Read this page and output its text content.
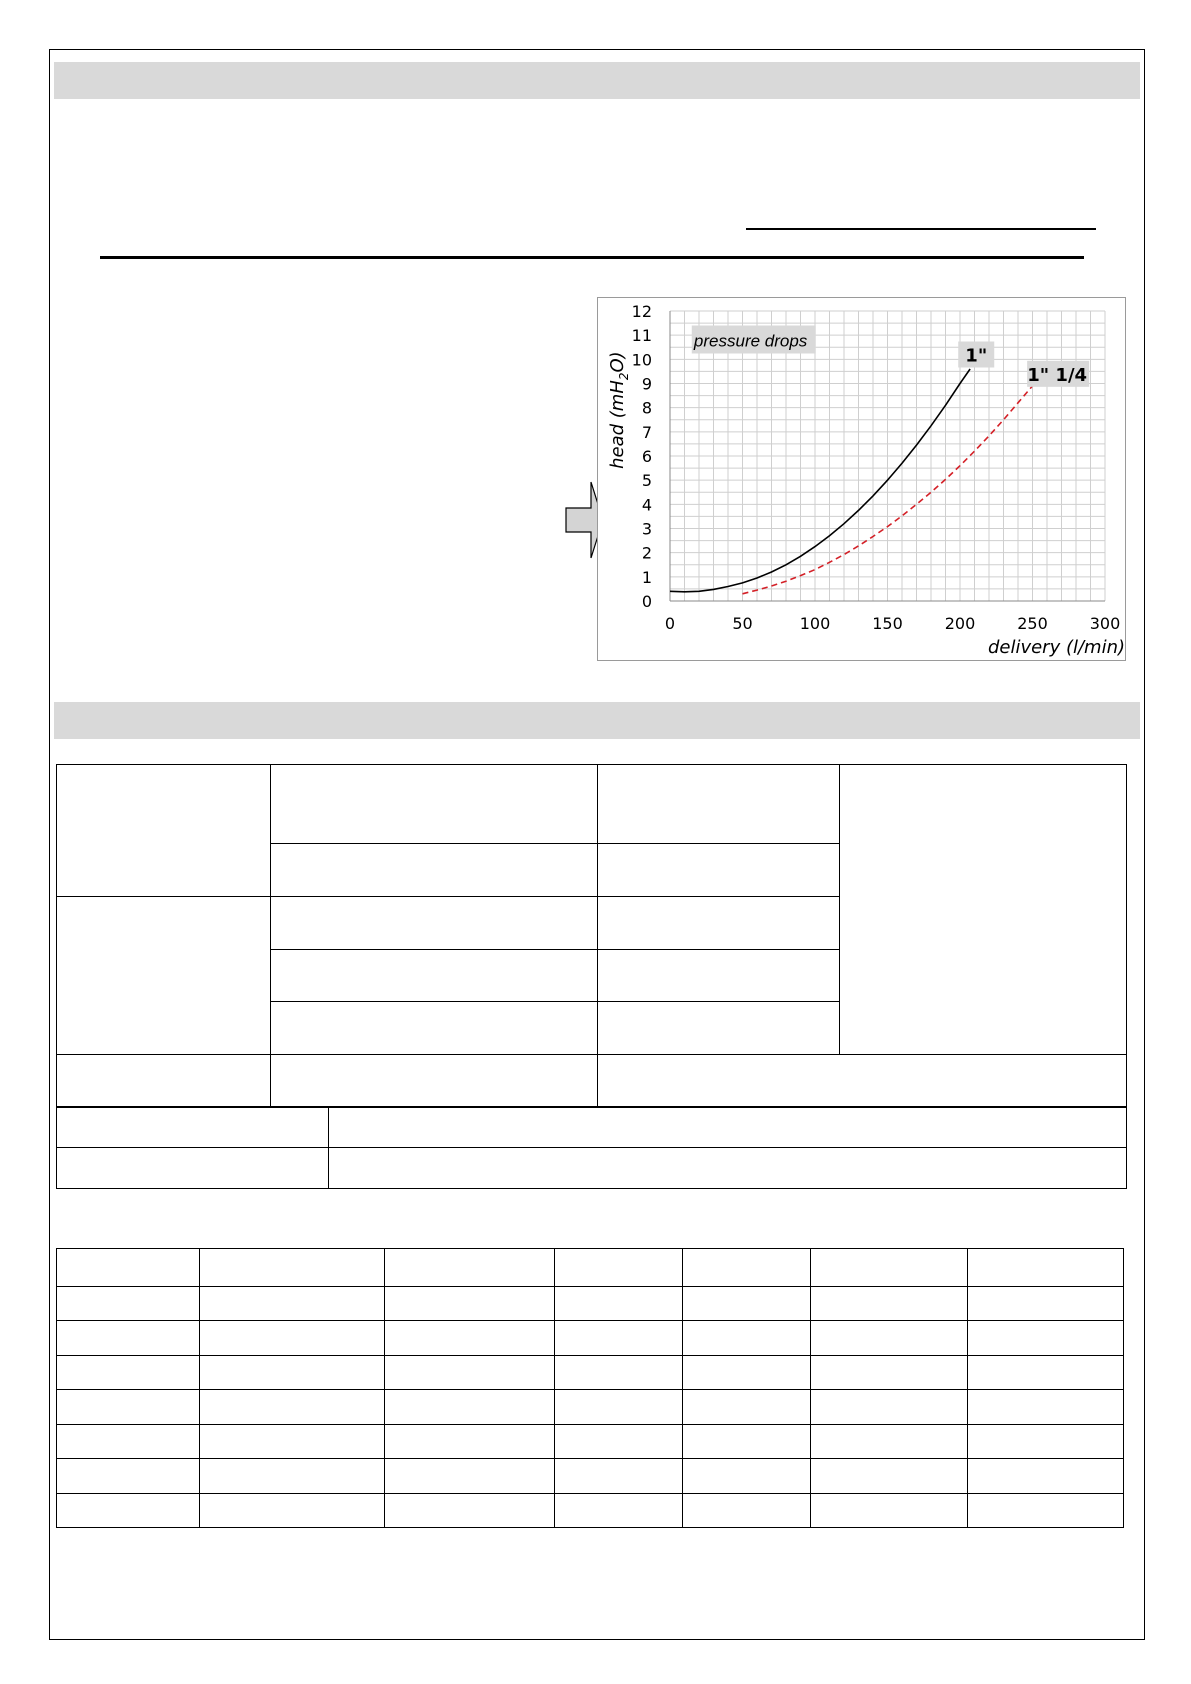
0
1
2
3
4
5
6
7
8
9
10
11
12
0	50	100	150	200	250	300
delivery (l/min)
head $(mH_2O)$
pressure drops
1"
1" 1/4
